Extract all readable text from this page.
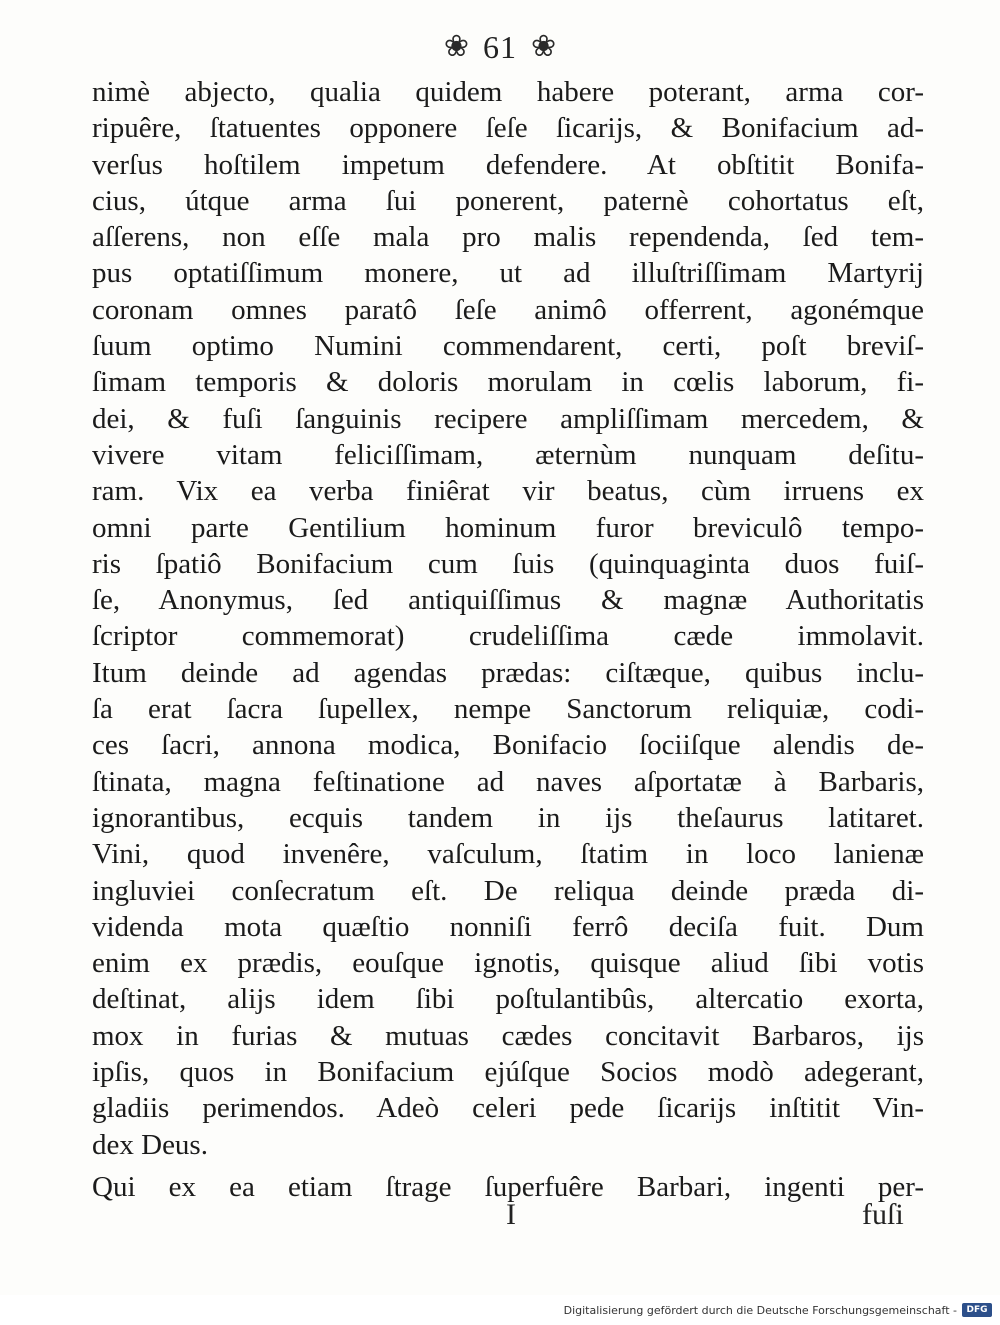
❀ 61 ❀
nimè abjecto, qualia quidem habere poterant, arma cor-
ripuêre, ſtatuentes opponere ſeſe ſicarijs, & Bonifacium ad-
verſus hoſtilem impetum defendere. At obſtitit Bonifa-
cius, útque arma ſui ponerent, paternè cohortatus eſt,
aſſerens, non eſſe mala pro malis rependenda, ſed tem-
pus optatiſſimum monere, ut ad illuſtriſſimam Martyrij
coronam omnes paratô ſeſe animô offerrent, agonémque
ſuum optimo Numini commendarent, certi, poſt breviſ-
ſimam temporis & doloris morulam in cœlis laborum, fi-
dei, & fuſi ſanguinis recipere ampliſſimam mercedem, &
vivere vitam feliciſſimam, æternùm nunquam deſitu-
ram. Vix ea verba finiêrat vir beatus, cùm irruens ex
omni parte Gentilium hominum furor breviculô tempo-
ris ſpatiô Bonifacium cum ſuis (quinquaginta duos fuiſ-
ſe, Anonymus, ſed antiquiſſimus & magnæ Authoritatis
ſcriptor commemorat) crudeliſſima cæde immolavit.
Itum deinde ad agendas prædas: ciſtæque, quibus inclu-
ſa erat ſacra ſupellex, nempe Sanctorum reliquiæ, codi-
ces ſacri, annona modica, Bonifacio ſociiſque alendis de-
ſtinata, magna feſtinatione ad naves aſportatæ à Barbaris,
ignorantibus, ecquis tandem in ijs theſaurus latitaret.
Vini, quod invenêre, vaſculum, ſtatim in loco lanienæ
ingluviei conſecratum eſt. De reliqua deinde præda di-
videnda mota quæſtio nonniſi ferrô deciſa fuit. Dum
enim ex prædis, eouſque ignotis, quisque aliud ſibi votis
deſtinat, alijs idem ſibi poſtulantibûs, altercatio exorta,
mox in furias & mutuas cædes concitavit Barbaros, ijs
ipſis, quos in Bonifacium ejúſque Socios modò adegerant,
gladiis perimendos. Adeò celeri pede ſicarijs inſtitit Vin-
dex Deus.
Qui ex ea etiam ſtrage ſuperfuêre Barbari, ingenti per-
I	fuſi
Digitalisierung gefördert durch die Deutsche Forschungsgemeinschaft -	DFG
